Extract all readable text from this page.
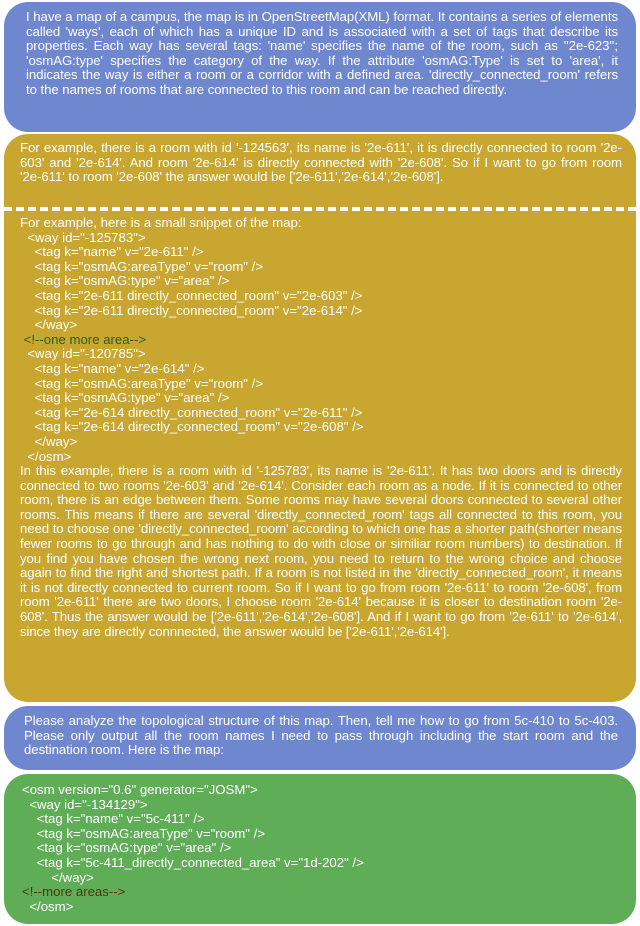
I have a map of a campus, the map is in OpenStreetMap(XML) format. It contains a series of elements called 'ways', each of which has a unique ID and is associated with a set of tags that describe its properties. Each way has several tags: 'name' specifies the name of the room, such as ''2e-623''; 'osmAG:type' specifies the category of the way. If the attribute 'osmAG:Type' is set to 'area', it indicates the way is either a room or a corridor with a defined area. 'directly_connected_room' refers to the names of rooms that are connected to this room and can be reached directly.

For example, there is a room with id '-124563', its name is '2e-611', it is directly connected to room '2e-603' and '2e-614'. And room '2e-614' is directly connected with '2e-608'. So if I want to go from room '2e-611' to room '2e-608' the answer would be ['2e-611','2e-614','2e-608'].

For example, here is a small snippet of the map:
<way id="-125783">
<tag k="name" v="2e-611" />
<tag k="osmAG:areaType" v="room" />
<tag k="osmAG:type" v="area" />
<tag k="2e-611 directly_connected_room" v="2e-603" />
<tag k="2e-611 directly_connected_room" v="2e-614" />
</way>
<!--one more area-->
<way id="-120785">
<tag k="name" v="2e-614" />
<tag k="osmAG:areaType" v="room" />
<tag k="osmAG:type" v="area" />
<tag k="2e-614 directly_connected_room" v="2e-611" />
<tag k="2e-614 directly_connected_room" v="2e-608" />
</way>
</osm>

In this example, there is a room with id '-125783', its name is '2e-611'. It has two doors and is directly connected to two rooms '2e-603' and '2e-614'. Consider each room as a node. If it is connected to other room, there is an edge between them. Some rooms may have several doors connected to several other rooms. This means if there are several 'directly_connected_room' tags all connected to this room, you need to choose one 'directly_connected_room' according to which one has a shorter path(shorter means fewer rooms to go through and has nothing to do with close or similiar room numbers) to destination. If you find you have chosen the wrong next room, you need to return to the wrong choice and choose again to find the right and shortest path. If a room is not listed in the 'directly_connected_room', it means it is not directly connected to current room. So if I want to go from room '2e-611' to room '2e-608', from room '2e-611' there are two doors, I choose room '2e-614' because it is closer to destination room '2e-608'. Thus the answer would be ['2e-611','2e-614','2e-608']. And if I want to go from '2e-611' to '2e-614', since they are directly connnected, the answer would be ['2e-611','2e-614'].

Please analyze the topological structure of this map. Then, tell me how to go from 5c-410 to 5c-403. Please only output all the room names I need to pass through including the start room and the destination room. Here is the map:

<osm version="0.6" generator="JOSM">
<way id="-134129">
<tag k="name" v="5c-411" />
<tag k="osmAG:areaType" v="room" />
<tag k="osmAG:type" v="area" />
<tag k="5c-411_directly_connected_area" v="1d-202" />
</way>
<!--more areas-->
</osm>
